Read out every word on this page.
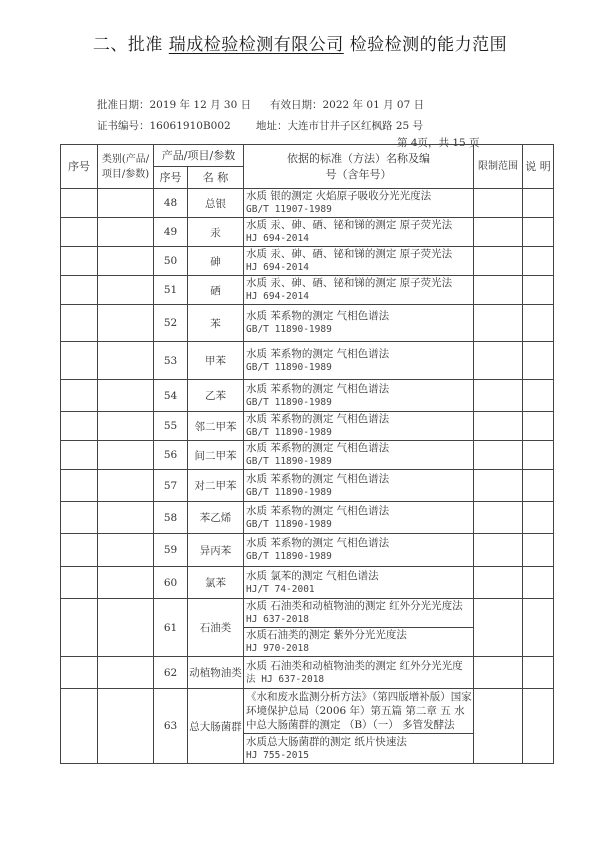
二、批准 瑞成检验检测有限公司 检验检测的能力范围
批准日期：2019 年 12 月 30 日 有效日期：2022 年 01 月 07 日
证书编号：16061910B002 地址：大连市甘井子区红枫路 25 号
第 4页，共 15 页
序号	类别(产品/项目/参数)	产品/项目/参数		依据的标准（方法）名称及编号（含年号）	限制范围	说 明
		序号	名 称			
		48	总银	水质 银的测定 火焰原子吸收分光光度法
GB/T 11907-1989		

		49	汞	水质 汞、砷、硒、铋和锑的测定 原子荧光法
HJ 694-2014		

		50	砷	水质 汞、砷、硒、铋和锑的测定 原子荧光法
HJ 694-2014		

		51	硒	水质 汞、砷、硒、铋和锑的测定 原子荧光法
HJ 694-2014		

		52	苯	水质 苯系物的测定 气相色谱法
GB/T 11890-1989		

		53	甲苯	水质 苯系物的测定 气相色谱法
GB/T 11890-1989		

		54	乙苯	水质 苯系物的测定 气相色谱法
GB/T 11890-1989		

		55	邻二甲苯	水质 苯系物的测定 气相色谱法
GB/T 11890-1989		

		56	间二甲苯	水质 苯系物的测定 气相色谱法
GB/T 11890-1989		

		57	对二甲苯	水质 苯系物的测定 气相色谱法
GB/T 11890-1989		

		58	苯乙烯	水质 苯系物的测定 气相色谱法
GB/T 11890-1989		

		59	异丙苯	水质 苯系物的测定 气相色谱法
GB/T 11890-1989		

		60	氯苯	水质 氯苯的测定 气相色谱法
HJ/T 74-2001		

		61	石油类	水质 石油类和动植物油的测定 红外分光光度法
HJ 637-2018		

				水质石油类的测定 紫外分光光度法
HJ 970-2018		

		62	动植物油类	水质 石油类和动植物油类的测定 红外分光光度
法 HJ 637-2018		

		63	总大肠菌群	《水和废水监测分析方法》（第四版增补版）国家环境保护总局（2006 年）第五篇 第二章 五 水中总大肠菌群的测定 （B）（一） 多管发酵法		

				水质总大肠菌群的测定 纸片快速法
HJ 755-2015		
